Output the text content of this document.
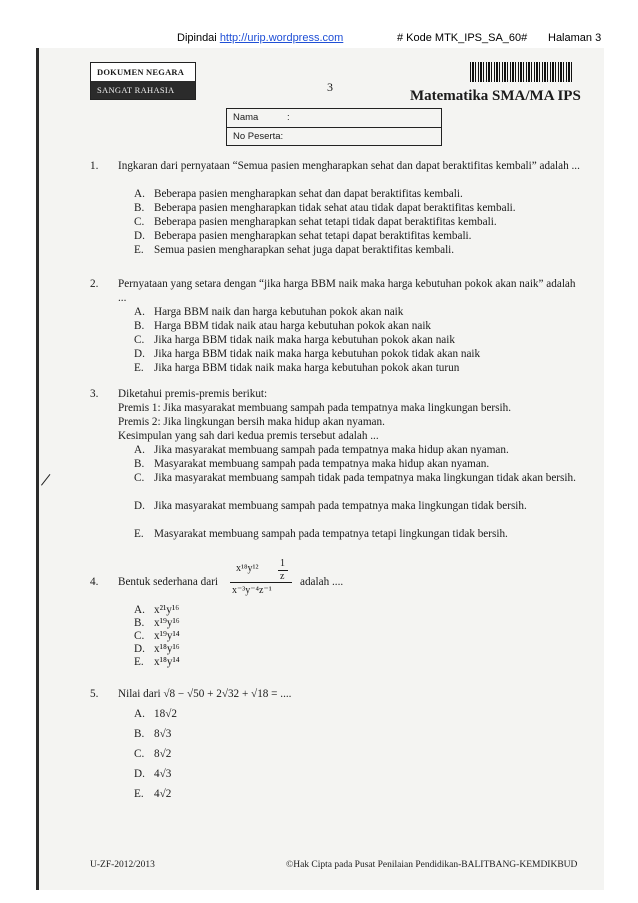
Dipindai http://urip.wordpress.com	# Kode MTK_IPS_SA_60# Halaman 3
DOKUMEN NEGARA
SANGAT RAHASIA	3
Matematika SMA/MA IPS
Nama	:
No Peserta:
1.	Ingkaran dari pernyataan “Semua pasien mengharapkan sehat dan dapat beraktifitas kembali” adalah ...
A. Beberapa pasien mengharapkan sehat dan dapat beraktifitas kembali.
B. Beberapa pasien mengharapkan tidak sehat atau tidak dapat beraktifitas kembali.
C. Beberapa pasien mengharapkan sehat tetapi tidak dapat beraktifitas kembali.
D. Beberapa pasien mengharapkan sehat tetapi dapat beraktifitas kembali.
E. Semua pasien mengharapkan sehat juga dapat beraktifitas kembali.
2.	Pernyataan yang setara dengan “jika harga BBM naik maka harga kebutuhan pokok akan naik” adalah ...
A. Harga BBM naik dan harga kebutuhan pokok akan naik
B. Harga BBM tidak naik atau harga kebutuhan pokok akan naik
C. Jika harga BBM tidak naik maka harga kebutuhan pokok akan naik
D. Jika harga BBM tidak naik maka harga kebutuhan pokok tidak akan naik
E. Jika harga BBM tidak naik maka harga kebutuhan pokok akan turun
3.	Diketahui premis-premis berikut:
Premis 1: Jika masyarakat membuang sampah pada tempatnya maka lingkungan bersih.
Premis 2: Jika lingkungan bersih maka hidup akan nyaman.
Kesimpulan yang sah dari kedua premis tersebut adalah ...
A. Jika masyarakat membuang sampah pada tempatnya maka hidup akan nyaman.
B. Masyarakat membuang sampah pada tempatnya maka hidup akan nyaman.
C. Jika masyarakat membuang sampah tidak pada tempatnya maka lingkungan tidak akan bersih.
D. Jika masyarakat membuang sampah pada tempatnya maka lingkungan tidak bersih.
E. Masyarakat membuang sampah pada tempatnya tetapi lingkungan tidak bersih.
4.	Bentuk sederhana dari
x¹⁸y¹² 1
z
x⁻³y⁻⁴z⁻¹
adalah ....
A. x²¹y¹⁶
B. x¹⁹y¹⁶
C. x¹⁹y¹⁴
D. x¹⁸y¹⁶
E. x¹⁸y¹⁴
5.	Nilai dari √8 − √50 + 2√32 + √18 = ....
A. 18√2
B. 8√3
C. 8√2
D. 4√3
E. 4√2
U-ZF-2012/2013	©Hak Cipta pada Pusat Penilaian Pendidikan-BALITBANG-KEMDIKBUD
